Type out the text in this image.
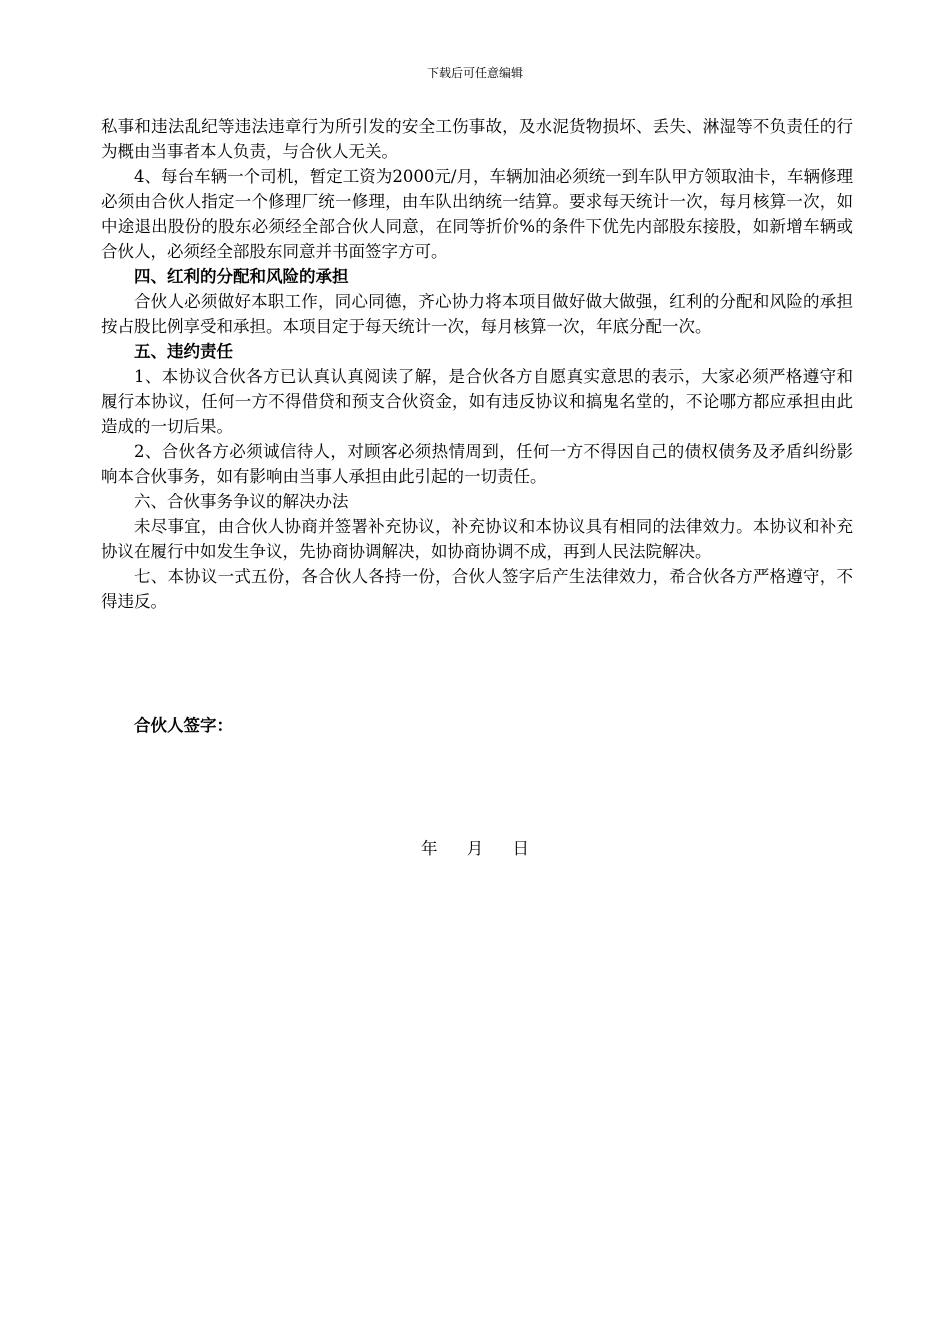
下载后可任意编辑

私事和违法乱纪等违法违章行为所引发的安全工伤事故，及水泥货物损坏、丢失、淋湿等不负责任的行为概由当事者本人负责，与合伙人无关。

4、每台车辆一个司机，暂定工资为2000元/月，车辆加油必须统一到车队甲方领取油卡，车辆修理必须由合伙人指定一个修理厂统一修理，由车队出纳统一结算。要求每天统计一次，每月核算一次，如中途退出股份的股东必须经全部合伙人同意，在同等折价%的条件下优先内部股东接股，如新增车辆或合伙人，必须经全部股东同意并书面签字方可。

四、红利的分配和风险的承担

合伙人必须做好本职工作，同心同德，齐心协力将本项目做好做大做强，红利的分配和风险的承担按占股比例享受和承担。本项目定于每天统计一次，每月核算一次，年底分配一次。

五、违约责任

1、本协议合伙各方已认真认真阅读了解，是合伙各方自愿真实意思的表示，大家必须严格遵守和履行本协议，任何一方不得借贷和预支合伙资金，如有违反协议和搞鬼名堂的，不论哪方都应承担由此造成的一切后果。

2、合伙各方必须诚信待人，对顾客必须热情周到，任何一方不得因自己的债权债务及矛盾纠纷影响本合伙事务，如有影响由当事人承担由此引起的一切责任。

六、合伙事务争议的解决办法

未尽事宜，由合伙人协商并签署补充协议，补充协议和本协议具有相同的法律效力。本协议和补充协议在履行中如发生争议，先协商协调解决，如协商协调不成，再到人民法院解决。

七、本协议一式五份，各合伙人各持一份，合伙人签字后产生法律效力，希合伙各方严格遵守，不得违反。

合伙人签字：
年 月 日
